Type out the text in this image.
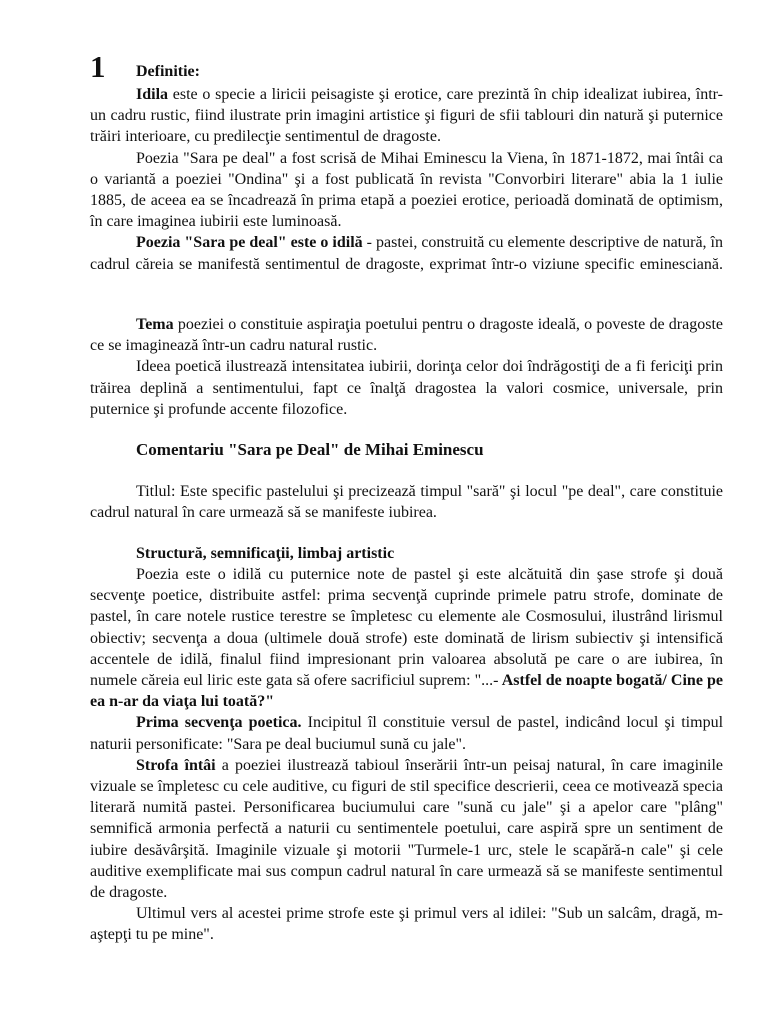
1 Definitie:

Idila este o specie a liricii peisagiste şi erotice, care prezintă în chip idealizat iubirea, într-un cadru rustic, fiind ilustrate prin imagini artistice şi figuri de sfii tablouri din natură şi puternice trăiri interioare, cu predilecţie sentimentul de dragoste.

Poezia "Sara pe deal" a fost scrisă de Mihai Eminescu la Viena, în 1871-1872, mai întâi ca o variantă a poeziei "Ondina" şi a fost publicată în revista "Convorbiri literare" abia la 1 iulie 1885, de aceea ea se încadrează în prima etapă a poeziei erotice, perioadă dominată de optimism, în care imaginea iubirii este luminoasă.

Poezia "Sara pe deal" este o idilă - pastei, construită cu elemente descriptive de natură, în cadrul căreia se manifestă sentimentul de dragoste, exprimat într-o viziune specific eminesciană.

Tema poeziei o constituie aspiraţia poetului pentru o dragoste ideală, o poveste de dragoste ce se imaginează într-un cadru natural rustic.

Ideea poetică ilustrează intensitatea iubirii, dorinţa celor doi îndrăgostiţi de a fi fericiţi prin trăirea deplină a sentimentului, fapt ce înalţă dragostea la valori cosmice, universale, prin puternice şi profunde accente filozofice.

Comentariu "Sara pe Deal" de Mihai Eminescu

Titlul: Este specific pastelului şi precizează timpul "sară" şi locul "pe deal", care constituie cadrul natural în care urmează să se manifeste iubirea.

Structură, semnificaţii, limbaj artistic

Poezia este o idilă cu puternice note de pastel şi este alcătuită din şase strofe şi două secvenţe poetice, distribuite astfel: prima secvenţă cuprinde primele patru strofe, dominate de pastel, în care notele rustice terestre se împletesc cu elemente ale Cosmosului, ilustrând lirismul obiectiv; secvenţa a doua (ultimele două strofe) este dominată de lirism subiectiv şi intensifică accentele de idilă, finalul fiind impresionant prin valoarea absolută pe care o are iubirea, în numele căreia eul liric este gata să ofere sacrificiul suprem: "...- Astfel de noapte bogată/ Cine pe ea n-ar da viaţa lui toată?"

Prima secvenţa poetica. Incipitul îl constituie versul de pastel, indicând locul şi timpul naturii personificate: "Sara pe deal buciumul sună cu jale".

Strofa întâi a poeziei ilustrează tabioul înserării într-un peisaj natural, în care imaginile vizuale se împletesc cu cele auditive, cu figuri de stil specifice descrierii, ceea ce motivează specia literară numită pastei. Personificarea buciumului care "sună cu jale" şi a apelor care "plâng" semnifică armonia perfectă a naturii cu sentimentele poetului, care aspiră spre un sentiment de iubire desăvârşită. Imaginile vizuale şi motorii "Turmele-1 urc, stele le scapără-n cale" şi cele auditive exemplificate mai sus compun cadrul natural în care urmează să se manifeste sentimentul de dragoste.

Ultimul vers al acestei prime strofe este şi primul vers al idilei: "Sub un salcâm, dragă, m-aştepţi tu pe mine".
